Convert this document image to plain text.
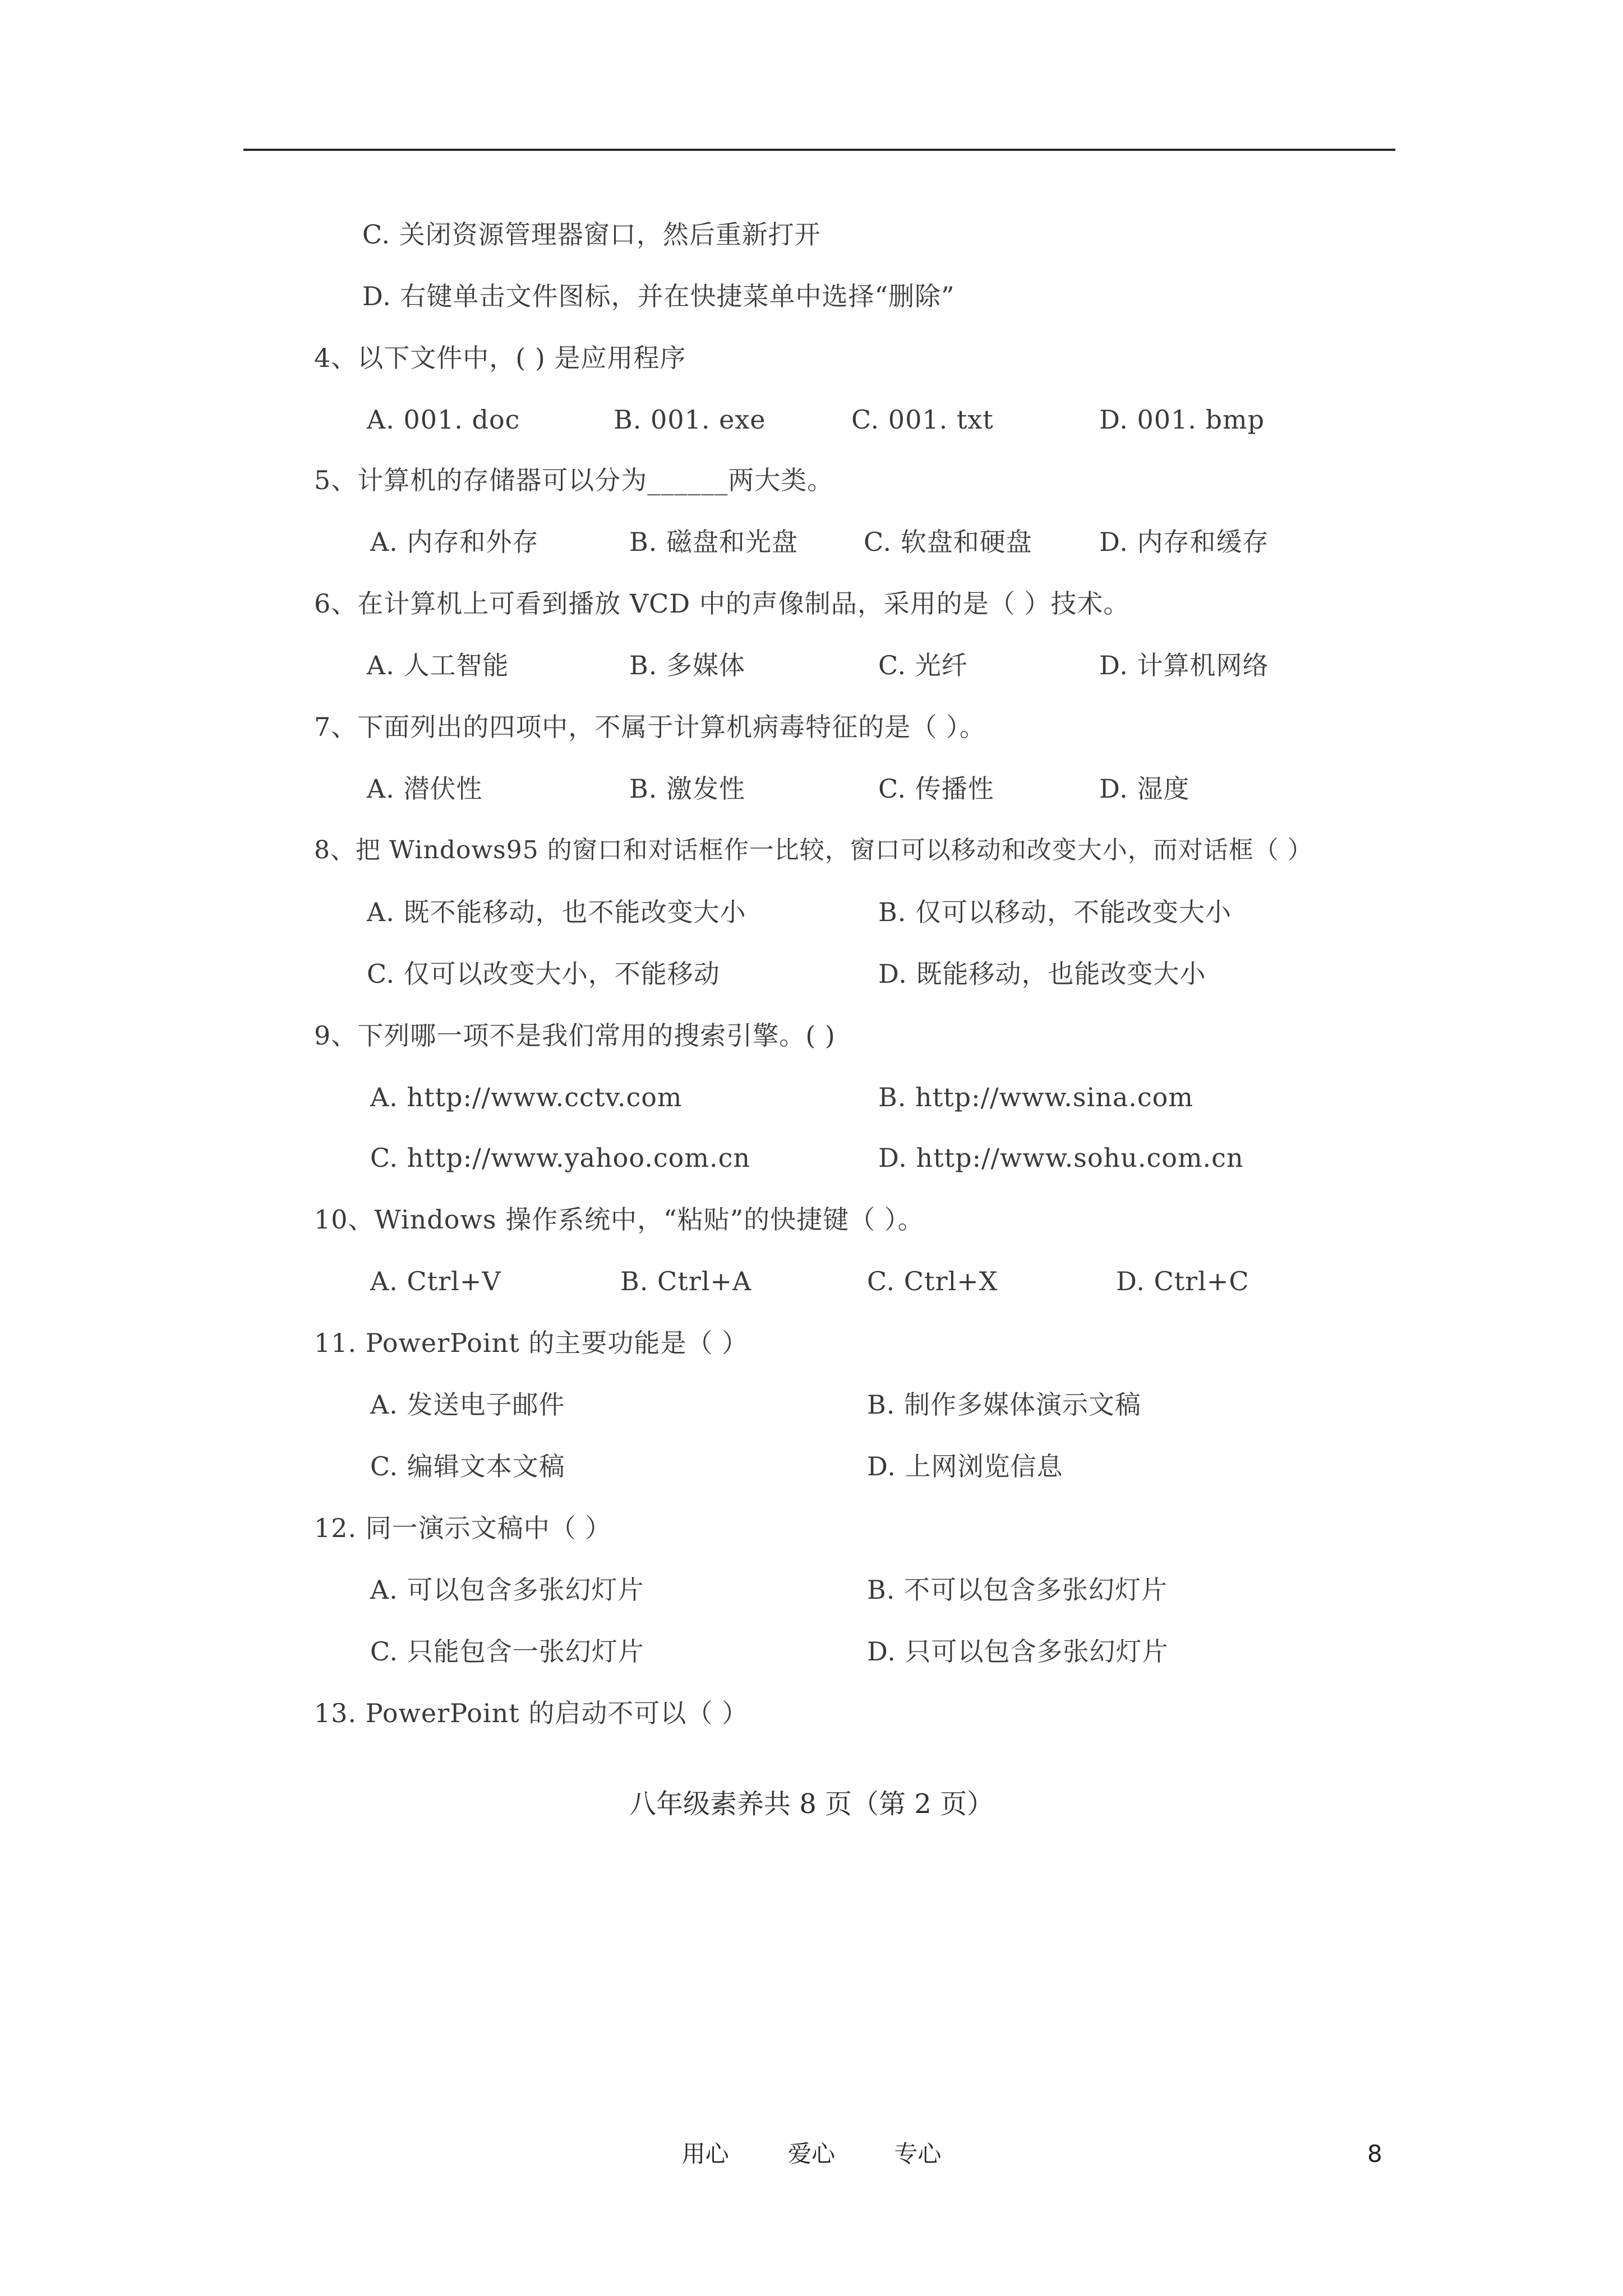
C. 关闭资源管理器窗口，然后重新打开
D. 右键单击文件图标，并在快捷菜单中选择“删除”
4、以下文件中，( ) 是应用程序
A. 001. doc	B. 001. exe	C. 001. txt	D. 001. bmp
5、计算机的存储器可以分为______两大类。
A. 内存和外存	B. 磁盘和光盘	C. 软盘和硬盘	D. 内存和缓存
6、在计算机上可看到播放 VCD 中的声像制品，采用的是（ ）技术。
A. 人工智能	B. 多媒体	C. 光纤	D. 计算机网络
7、下面列出的四项中，不属于计算机病毒特征的是（ ）。
A. 潜伏性	B. 激发性	C. 传播性	D. 湿度
8、把 Windows95 的窗口和对话框作一比较，窗口可以移动和改变大小，而对话框（ ）
A. 既不能移动，也不能改变大小	B. 仅可以移动，不能改变大小
C. 仅可以改变大小，不能移动	D. 既能移动，也能改变大小
9、下列哪一项不是我们常用的搜索引擎。( )
A. http://www.cctv.com	B. http://www.sina.com
C. http://www.yahoo.com.cn	D. http://www.sohu.com.cn
10、Windows 操作系统中，“粘贴”的快捷键（ ）。
A. Ctrl+V	B. Ctrl+A	C. Ctrl+X	D. Ctrl+C
11. PowerPoint 的主要功能是（ ）
A. 发送电子邮件	B. 制作多媒体演示文稿
C. 编辑文本文稿	D. 上网浏览信息
12. 同一演示文稿中（ ）
A. 可以包含多张幻灯片	B. 不可以包含多张幻灯片
C. 只能包含一张幻灯片	D. 只可以包含多张幻灯片
13. PowerPoint 的启动不可以（ ）
八年级素养共 8 页（第 2 页）
用心	爱心	专心	8
